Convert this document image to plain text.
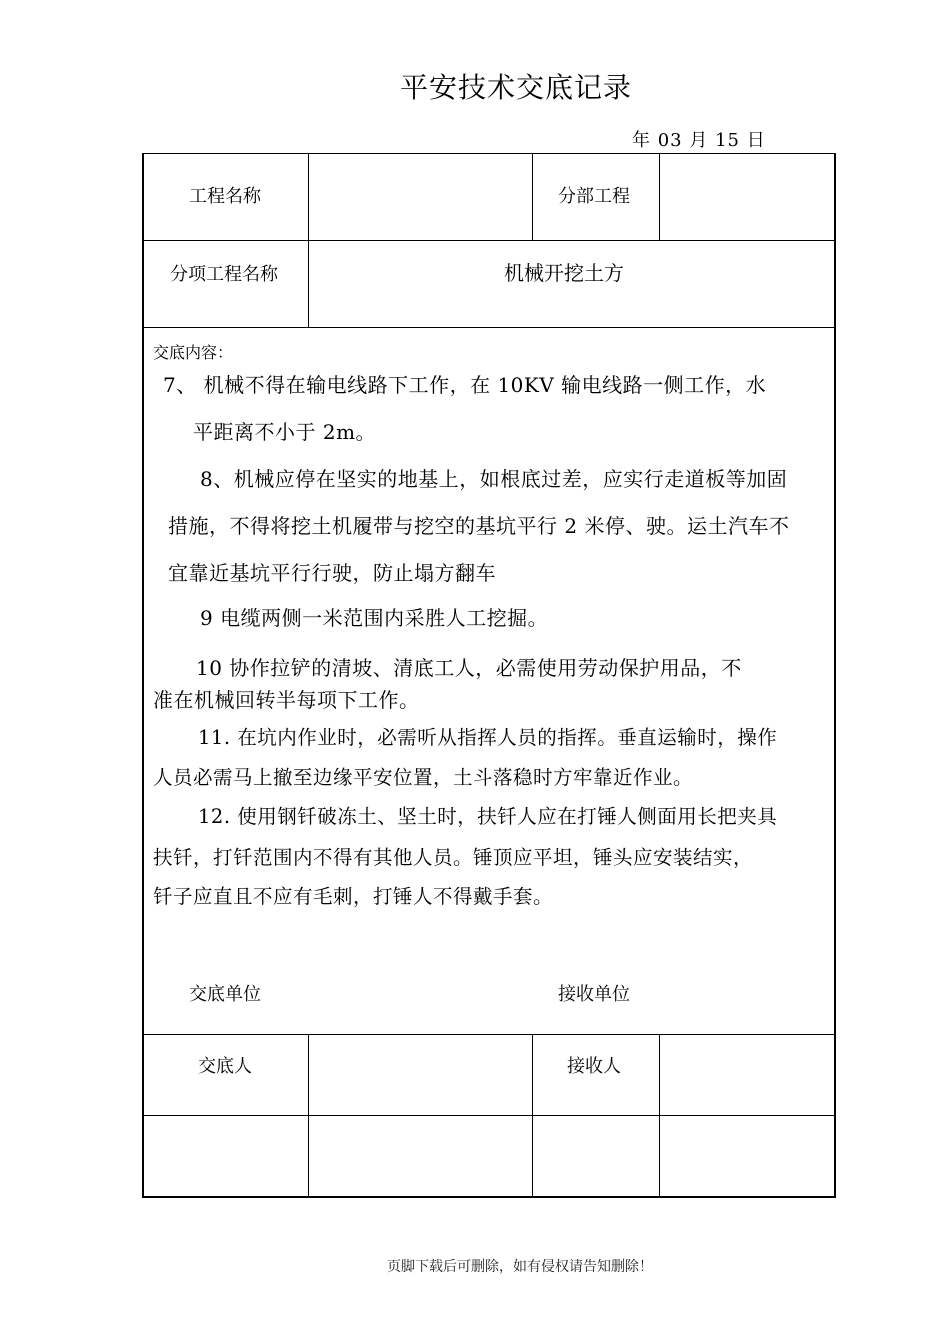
平安技术交底记录
年 03 月 15 日
工程名称	分部工程
分项工程名称	机械开挖土方
交底内容：
7、 机械不得在输电线路下工作，在 10KV 输电线路一侧工作，水
平距离不小于 2m。
8、机械应停在坚实的地基上，如根底过差，应实行走道板等加固
措施，不得将挖土机履带与挖空的基坑平行 2 米停、驶。运土汽车不
宜靠近基坑平行行驶，防止塌方翻车
9 电缆两侧一米范围内采胜人工挖掘。
10 协作拉铲的清坡、清底工人，必需使用劳动保护用品，不
准在机械回转半每项下工作。
11. 在坑内作业时，必需听从指挥人员的指挥。垂直运输时，操作
人员必需马上撤至边缘平安位置，土斗落稳时方牢靠近作业。
12. 使用钢钎破冻土、坚土时，扶钎人应在打锤人侧面用长把夹具
扶钎，打钎范围内不得有其他人员。锤顶应平坦，锤头应安装结实，
钎子应直且不应有毛刺，打锤人不得戴手套。
交底单位	接收单位
交底人	接收人
页脚下载后可删除，如有侵权请告知删除！
